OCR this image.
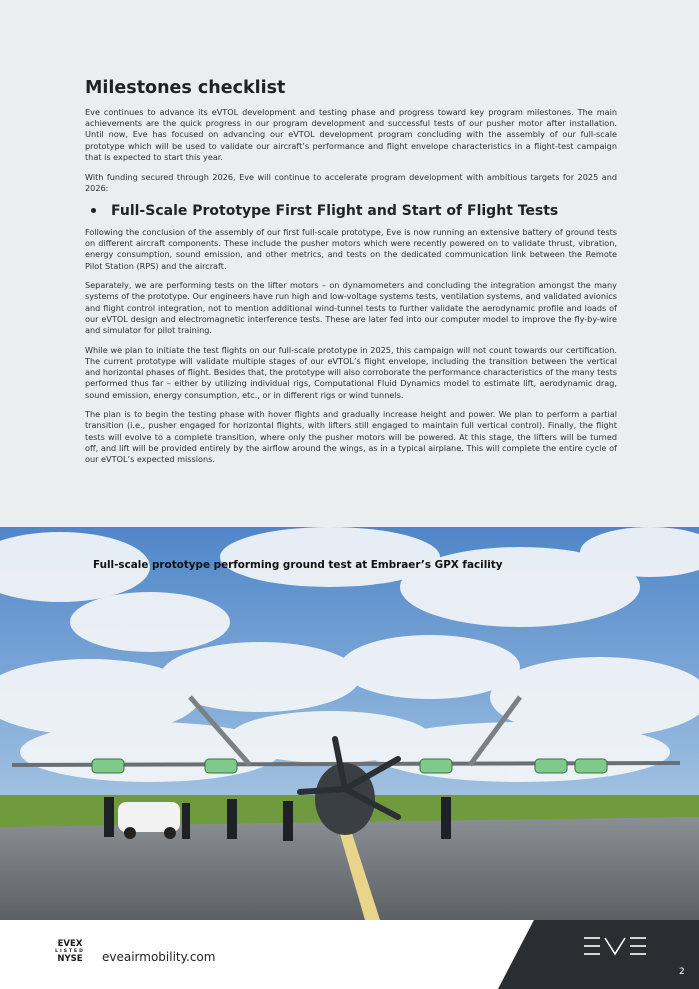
Milestones checklist

Eve continues to advance its eVTOL development and testing phase and progress toward key program milestones. The main achievements are the quick progress in our program development and successful tests of our pusher motor after installation. Until now, Eve has focused on advancing our eVTOL development program concluding with the assembly of our full-scale prototype which will be used to validate our aircraft’s performance and flight envelope characteristics in a flight-test campaign that is expected to start this year.

With funding secured through 2026, Eve will continue to accelerate program development with ambitious targets for 2025 and 2026:

Full-Scale Prototype First Flight and Start of Flight Tests

Following the conclusion of the assembly of our first full-scale prototype, Eve is now running an extensive battery of ground tests on different aircraft components. These include the pusher motors which were recently powered on to validate thrust, vibration, energy consumption, sound emission, and other metrics, and tests on the dedicated communication link between the Remote Pilot Station (RPS) and the aircraft.

Separately, we are performing tests on the lifter motors – on dynamometers and concluding the integration amongst the many systems of the prototype. Our engineers have run high and low-voltage systems tests, ventilation systems, and validated avionics and flight control integration, not to mention additional wind-tunnel tests to further validate the aerodynamic profile and loads of our eVTOL design and electromagnetic interference tests. These are later fed into our computer model to improve the fly-by-wire and simulator for pilot training.

While we plan to initiate the test flights on our full-scale prototype in 2025, this campaign will not count towards our certification. The current prototype will validate multiple stages of our eVTOL’s flight envelope, including the transition between the vertical and horizontal phases of flight. Besides that, the prototype will also corroborate the performance characteristics of the many tests performed thus far – either by utilizing individual rigs, Computational Fluid Dynamics model to estimate lift, aerodynamic drag, sound emission, energy consumption, etc., or in different rigs or wind tunnels.

The plan is to begin the testing phase with hover flights and gradually increase height and power. We plan to perform a partial transition (i.e., pusher engaged for horizontal flights, with lifters still engaged to maintain full vertical control). Finally, the flight tests will evolve to a complete transition, where only the pusher motors will be powered. At this stage, the lifters will be turned off, and lift will be provided entirely by the airflow around the wings, as in a typical airplane. This will complete the entire cycle of our eVTOL’s expected missions.

Full-scale prototype performing ground test at Embraer’s GPX facility
EVEX
LISTED
NYSE eveairmobility.com
2
